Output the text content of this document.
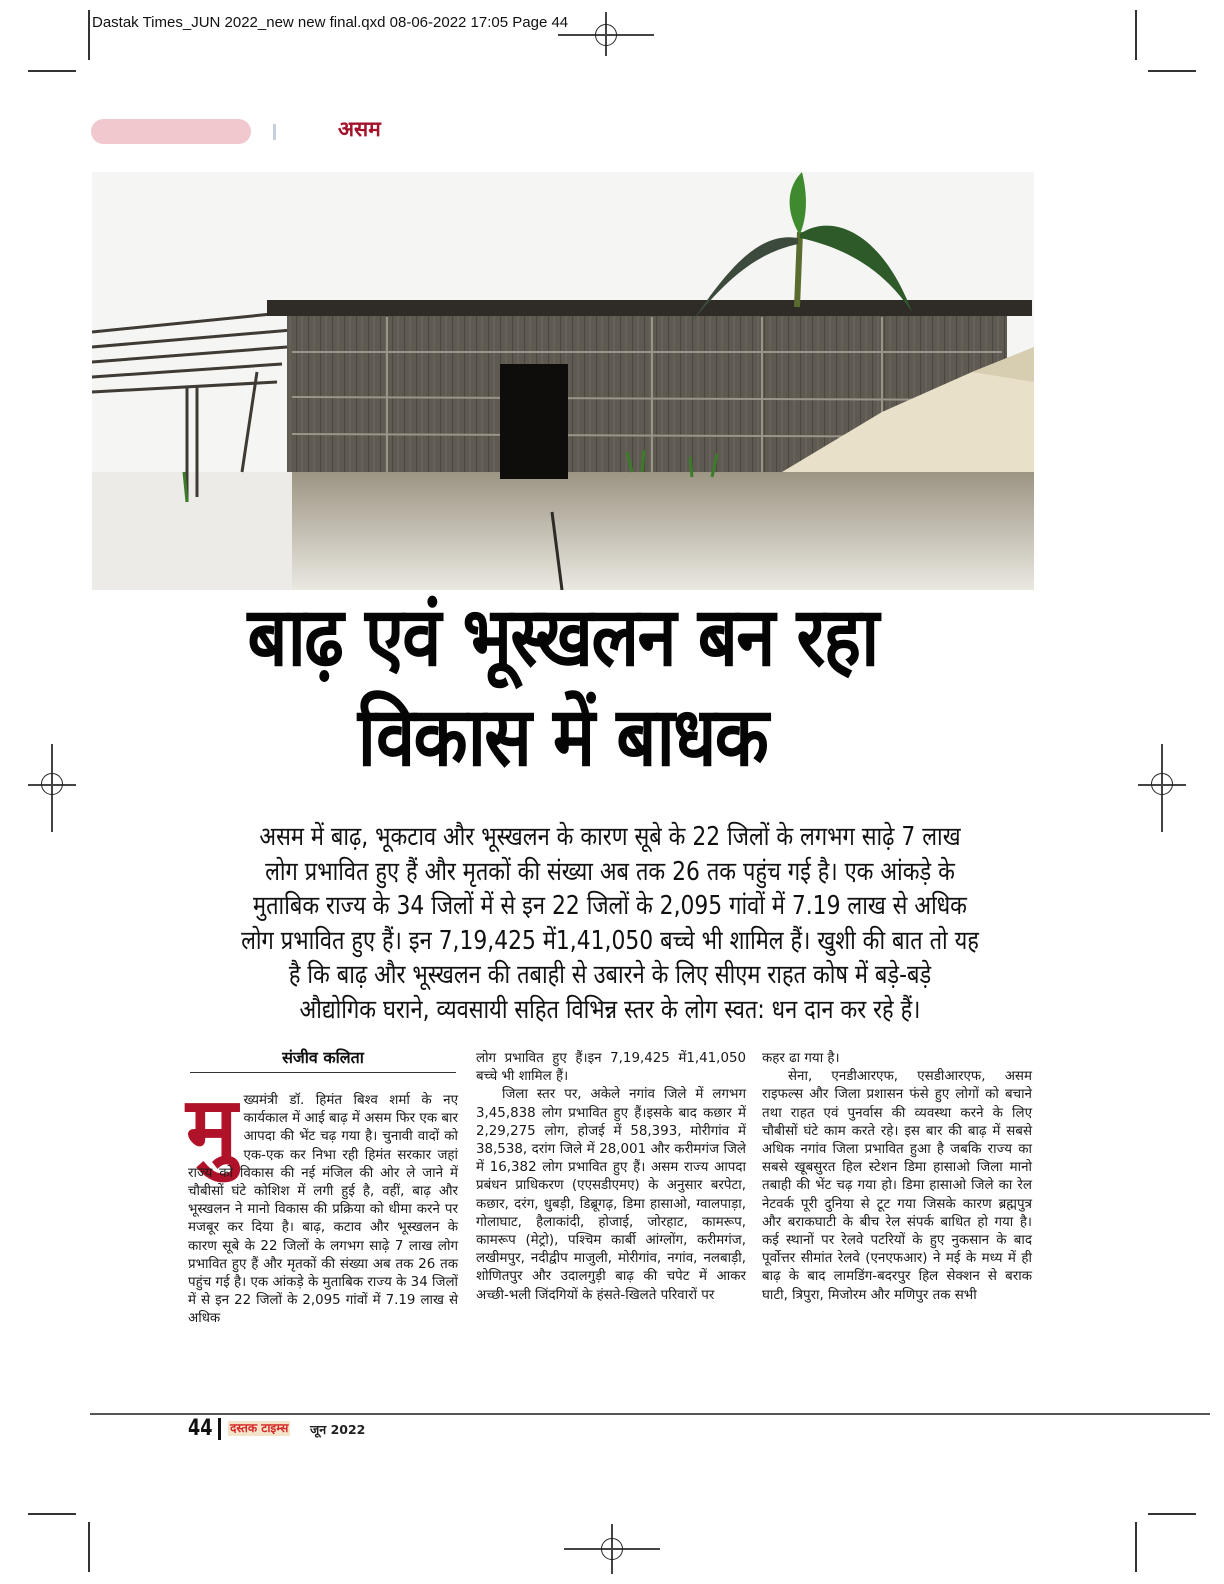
Dastak Times_JUN 2022_new new final.qxd 08-06-2022 17:05 Page 44
असम
बाढ़ एवं भूस्खलन बन रहा
विकास में बाधक
असम में बाढ़, भूकटाव और भूस्खलन के कारण सूबे के 22 जिलों के लगभग साढ़े 7 लाख
लोग प्रभावित हुए हैं और मृतकों की संख्या अब तक 26 तक पहुंच गई है। एक आंकड़े के
मुताबिक राज्य के 34 जिलों में से इन 22 जिलों के 2,095 गांवों में 7.19 लाख से अधिक
लोग प्रभावित हुए हैं। इन 7,19,425 में1,41,050 बच्चे भी शामिल हैं। खुशी की बात तो यह
है कि बाढ़ और भूस्खलन की तबाही से उबारने के लिए सीएम राहत कोष में बड़े-बड़े
औद्योगिक घराने, व्यवसायी सहित विभिन्न स्तर के लोग स्वत: धन दान कर रहे हैं।
संजीव कलिता
मु ख्यमंत्री डॉ. हिमंत बिश्व शर्मा के नए कार्यकाल में आई बाढ़ में असम फिर एक बार आपदा की भेंट चढ़ गया है। चुनावी वादों को एक-एक कर निभा रही हिमंत सरकार जहां राज्य को विकास की नई मंजिल की ओर ले जाने में चौबीसों घंटे कोशिश में लगी हुई है, वहीं, बाढ़ और भूस्खलन ने मानो विकास की प्रक्रिया को धीमा करने पर मजबूर कर दिया है। बाढ़, कटाव और भूस्खलन के कारण सूबे के 22 जिलों के लगभग साढ़े 7 लाख लोग प्रभावित हुए हैं और मृतकों की संख्या अब तक 26 तक पहुंच गई है। एक आंकड़े के मुताबिक राज्य के 34 जिलों में से इन 22 जिलों के 2,095 गांवों में 7.19 लाख से अधिक

लोग प्रभावित हुए हैं।इन 7,19,425 में1,41,050 बच्चे भी शामिल हैं।

जिला स्तर पर, अकेले नगांव जिले में लगभग 3,45,838 लोग प्रभावित हुए हैं।इसके बाद कछार में 2,29,275 लोग, होजई में 58,393, मोरीगांव में 38,538, दरांग जिले में 28,001 और करीमगंज जिले में 16,382 लोग प्रभावित हुए हैं। असम राज्य आपदा प्रबंधन प्राधिकरण (एएसडीएमए) के अनुसार बरपेटा, कछार, दरंग, धुबड़ी, डिब्रूगढ़, डिमा हासाओ, ग्वालपाड़ा, गोलाघाट, हैलाकांदी, होजाई, जोरहाट, कामरूप, कामरूप (मेट्रो), पश्चिम कार्बी आंग्लोंग, करीमगंज, लखीमपुर, नदीद्वीप माजुली, मोरीगांव, नगांव, नलबाड़ी, शोणितपुर और उदालगुड़ी बाढ़ की चपेट में आकर अच्छी-भली जिंदगियों के हंसते-खिलते परिवारों पर

कहर ढा गया है।

सेना, एनडीआरएफ, एसडीआरएफ, असम राइफल्स और जिला प्रशासन फंसे हुए लोगों को बचाने तथा राहत एवं पुनर्वास की व्यवस्था करने के लिए चौबीसों घंटे काम करते रहे। इस बार की बाढ़ में सबसे अधिक नगांव जिला प्रभावित हुआ है जबकि राज्य का सबसे खूबसुरत हिल स्टेशन डिमा हासाओ जिला मानो तबाही की भेंट चढ़ गया हो। डिमा हासाओ जिले का रेल नेटवर्क पूरी दुनिया से टूट गया जिसके कारण ब्रह्मपुत्र और बराकघाटी के बीच रेल संपर्क बाधित हो गया है। कई स्थानों पर रेलवे पटरियों के हुए नुकसान के बाद पूर्वोत्तर सीमांत रेलवे (एनएफआर) ने मई के मध्य में ही बाढ़ के बाद लामडिंग-बदरपुर हिल सेक्शन से बराक घाटी, त्रिपुरा, मिजोरम और मणिपुर तक सभी

44 दस्तक टाइम्स जून 2022
